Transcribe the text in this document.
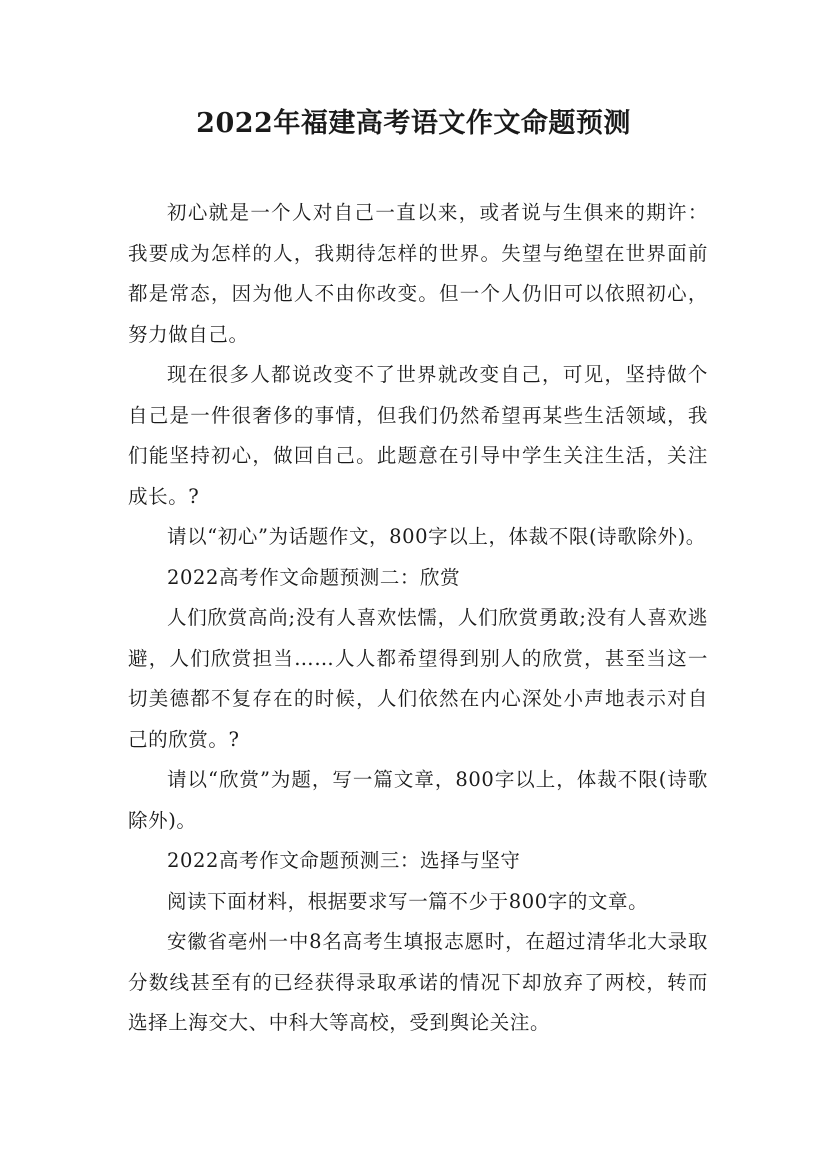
2022年福建高考语文作文命题预测

初心就是一个人对自己一直以来，或者说与生俱来的期许：我要成为怎样的人，我期待怎样的世界。失望与绝望在世界面前都是常态，因为他人不由你改变。但一个人仍旧可以依照初心，努力做自己。

现在很多人都说改变不了世界就改变自己，可见，坚持做个自己是一件很奢侈的事情，但我们仍然希望再某些生活领域，我们能坚持初心，做回自己。此题意在引导中学生关注生活，关注成长。?

请以“初心”为话题作文，800字以上，体裁不限(诗歌除外)。

2022高考作文命题预测二：欣赏

人们欣赏高尚;没有人喜欢怯懦，人们欣赏勇敢;没有人喜欢逃避，人们欣赏担当……人人都希望得到别人的欣赏，甚至当这一切美德都不复存在的时候，人们依然在内心深处小声地表示对自己的欣赏。?

请以“欣赏”为题，写一篇文章，800字以上，体裁不限(诗歌除外)。

2022高考作文命题预测三：选择与坚守

阅读下面材料，根据要求写一篇不少于800字的文章。

安徽省亳州一中8名高考生填报志愿时，在超过清华北大录取分数线甚至有的已经获得录取承诺的情况下却放弃了两校，转而选择上海交大、中科大等高校，受到舆论关注。
